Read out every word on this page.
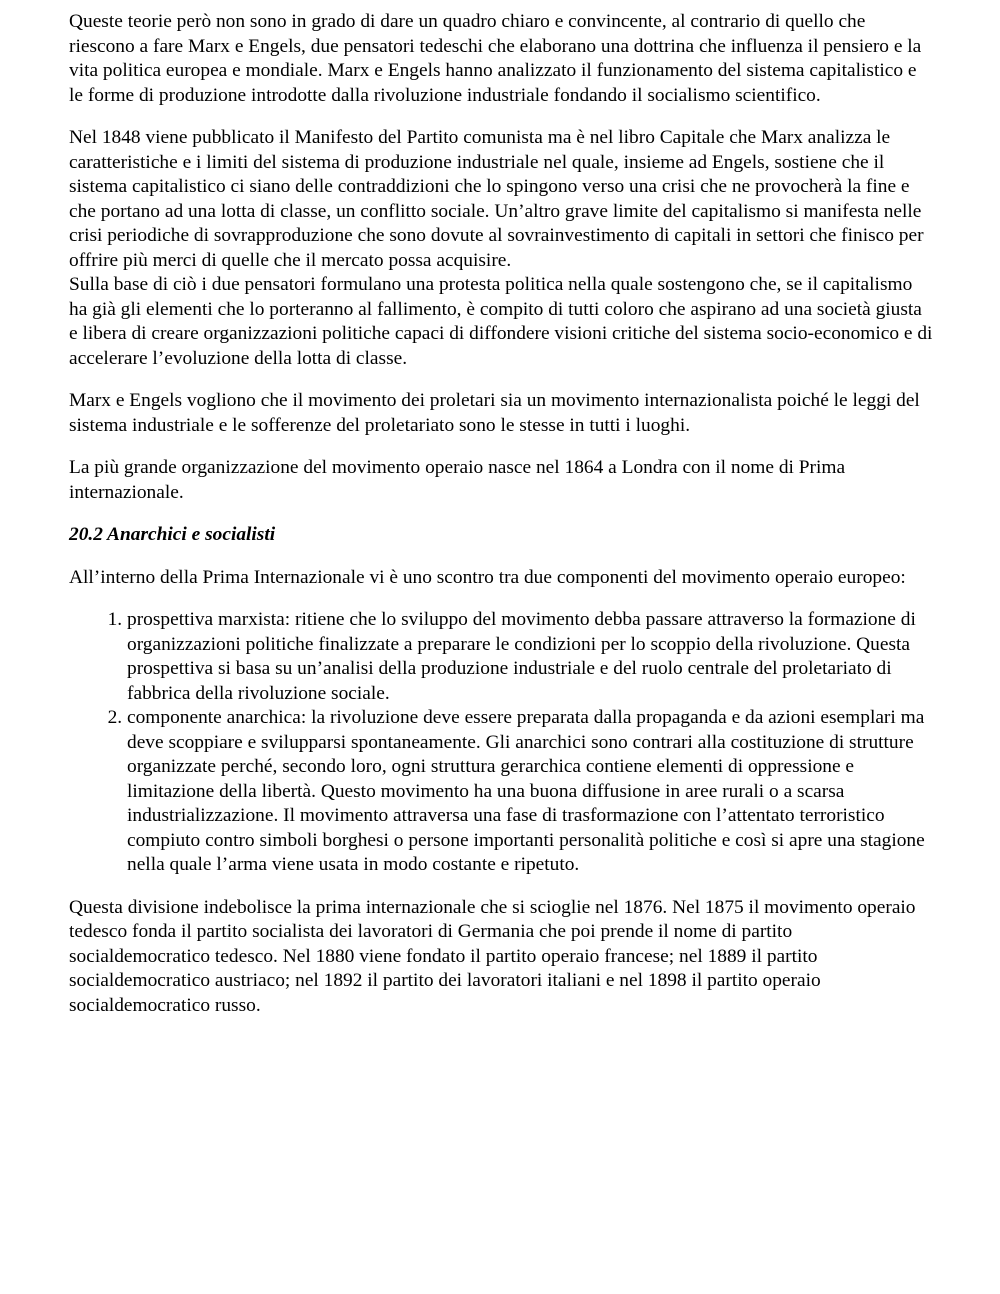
Queste teorie però non sono in grado di dare un quadro chiaro e convincente, al contrario di quello che riescono a fare Marx e Engels, due pensatori tedeschi che elaborano una dottrina che influenza il pensiero e la vita politica europea e mondiale. Marx e Engels hanno analizzato il funzionamento del sistema capitalistico e le forme di produzione introdotte dalla rivoluzione industriale fondando il socialismo scientifico.

Nel 1848 viene pubblicato il Manifesto del Partito comunista ma è nel libro Capitale che Marx analizza le caratteristiche e i limiti del sistema di produzione industriale nel quale, insieme ad Engels, sostiene che il sistema capitalistico ci siano delle contraddizioni che lo spingono verso una crisi che ne provocherà la fine e che portano ad una lotta di classe, un conflitto sociale. Un’altro grave limite del capitalismo si manifesta nelle crisi periodiche di sovrapproduzione che sono dovute al sovrainvestimento di capitali in settori che finisco per offrire più merci di quelle che il mercato possa acquisire.

Sulla base di ciò i due pensatori formulano una protesta politica nella quale sostengono che, se il capitalismo ha già gli elementi che lo porteranno al fallimento, è compito di tutti coloro che aspirano ad una società giusta e libera di creare organizzazioni politiche capaci di diffondere visioni critiche del sistema socio-economico e di accelerare l’evoluzione della lotta di classe.

Marx e Engels vogliono che il movimento dei proletari sia un movimento internazionalista poiché le leggi del sistema industriale e le sofferenze del proletariato sono le stesse in tutti i luoghi.

La più grande organizzazione del movimento operaio nasce nel 1864 a Londra con il nome di Prima internazionale.

20.2 Anarchici e socialisti

All’interno della Prima Internazionale vi è uno scontro tra due componenti del movimento operaio europeo:

1. prospettiva marxista: ritiene che lo sviluppo del movimento debba passare attraverso la formazione di organizzazioni politiche finalizzate a preparare le condizioni per lo scoppio della rivoluzione. Questa prospettiva si basa su un’analisi della produzione industriale e del ruolo centrale del proletariato di fabbrica della rivoluzione sociale.
2. componente anarchica: la rivoluzione deve essere preparata dalla propaganda e da azioni esemplari ma deve scoppiare e svilupparsi spontaneamente. Gli anarchici sono contrari alla costituzione di strutture organizzate perché, secondo loro, ogni struttura gerarchica contiene elementi di oppressione e limitazione della libertà. Questo movimento ha una buona diffusione in aree rurali o a scarsa industrializzazione. Il movimento attraversa una fase di trasformazione con l’attentato terroristico compiuto contro simboli borghesi o persone importanti personalità politiche e così si apre una stagione nella quale l’arma viene usata in modo costante e ripetuto.

Questa divisione indebolisce la prima internazionale che si scioglie nel 1876. Nel 1875 il movimento operaio tedesco fonda il partito socialista dei lavoratori di Germania che poi prende il nome di partito socialdemocratico tedesco. Nel 1880 viene fondato il partito operaio francese; nel 1889 il partito socialdemocratico austriaco; nel 1892 il partito dei lavoratori italiani e nel 1898 il partito operaio socialdemocratico russo.
